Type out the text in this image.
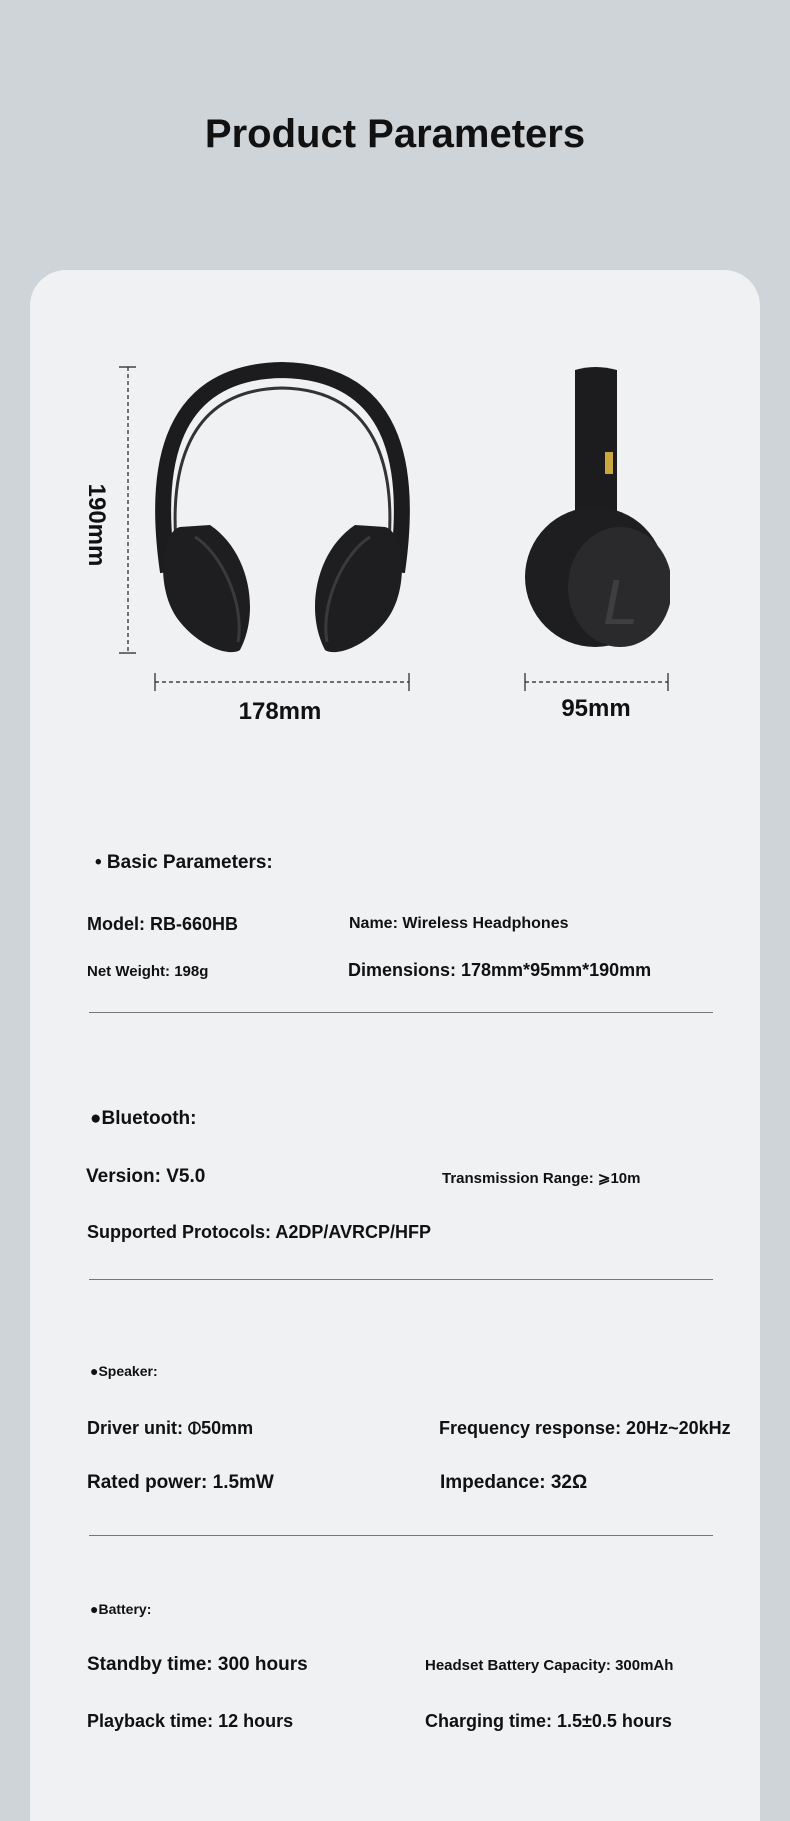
Product Parameters
L
190mm
178mm	95mm
• Basic Parameters:
Model: RB-660HB	Name: Wireless Headphones
Net Weight: 198g	Dimensions: 178mm*95mm*190mm
●Bluetooth:
Version: V5.0	Transmission Range: ⩾10m
Supported Protocols: A2DP/AVRCP/HFP
●Speaker:
Driver unit: ⦶50mm	Frequency response: 20Hz~20kHz
Rated power: 1.5mW	Impedance: 32Ω
●Battery:
Standby time: 300 hours	Headset Battery Capacity: 300mAh
Playback time: 12 hours	Charging time: 1.5±0.5 hours
